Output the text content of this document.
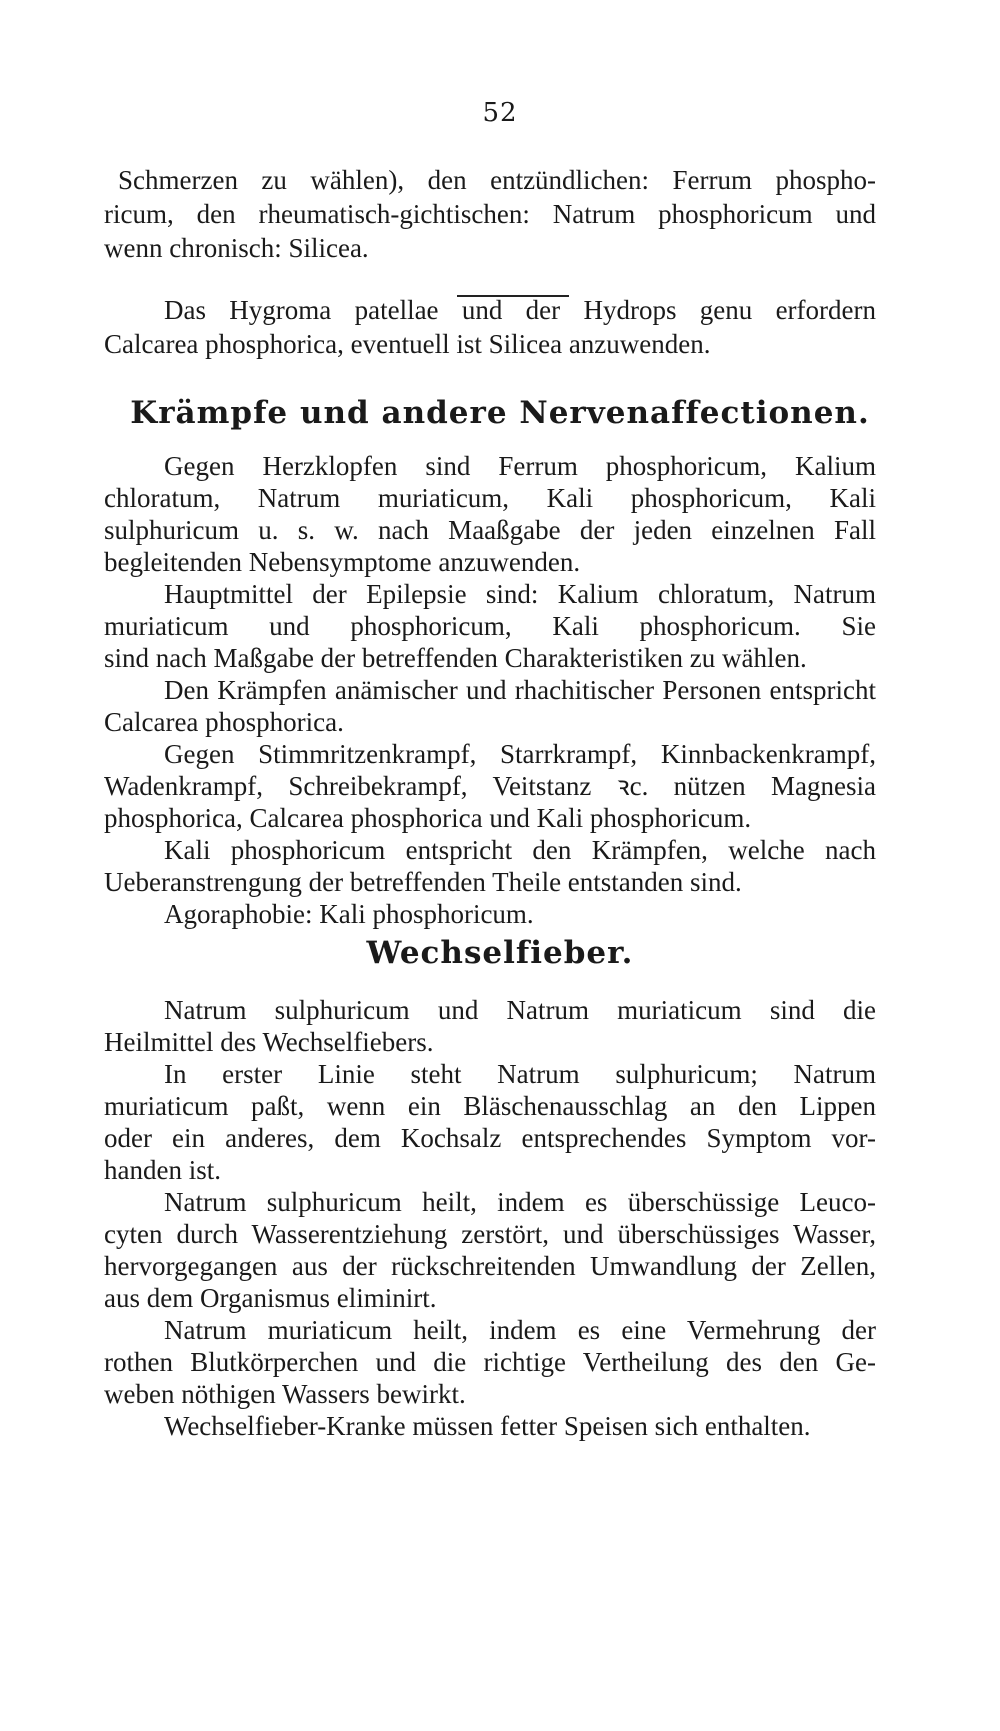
52
Schmerzen zu wählen), den entzündlichen: Ferrum phospho-
ricum, den rheumatisch-gichtischen: Natrum phosphoricum und
wenn chronisch: Silicea.
Das Hygroma patellae und der Hydrops genu erfordern
Calcarea phosphorica, eventuell ist Silicea anzuwenden.
Krämpfe und andere Nervenaffectionen.
Gegen Herzklopfen sind Ferrum phosphoricum, Kalium
chloratum, Natrum muriaticum, Kali phosphoricum, Kali
sulphuricum u. s. w. nach Maaßgabe der jeden einzelnen Fall
begleitenden Nebensymptome anzuwenden.
Hauptmittel der Epilepsie sind: Kalium chloratum, Natrum
muriaticum und phosphoricum, Kali phosphoricum. Sie
sind nach Maßgabe der betreffenden Charakteristiken zu wählen.
Den Krämpfen anämischer und rhachitischer Personen entspricht
Calcarea phosphorica.
Gegen Stimmritzenkrampf, Starrkrampf, Kinnbackenkrampf,
Wadenkrampf, Schreibekrampf, Veitstanz ꝛc. nützen Magnesia
phosphorica, Calcarea phosphorica und Kali phosphoricum.
Kali phosphoricum entspricht den Krämpfen, welche nach
Ueberanstrengung der betreffenden Theile entstanden sind.
Agoraphobie: Kali phosphoricum.
Wechselfieber.
Natrum sulphuricum und Natrum muriaticum sind die
Heilmittel des Wechselfiebers.
In erster Linie steht Natrum sulphuricum; Natrum
muriaticum paßt, wenn ein Bläschenausschlag an den Lippen
oder ein anderes, dem Kochsalz entsprechendes Symptom vor-
handen ist.
Natrum sulphuricum heilt, indem es überschüssige Leuco-
cyten durch Wasserentziehung zerstört, und überschüssiges Wasser,
hervorgegangen aus der rückschreitenden Umwandlung der Zellen,
aus dem Organismus eliminirt.
Natrum muriaticum heilt, indem es eine Vermehrung der
rothen Blutkörperchen und die richtige Vertheilung des den Ge-
weben nöthigen Wassers bewirkt.
Wechselfieber-Kranke müssen fetter Speisen sich enthalten.
